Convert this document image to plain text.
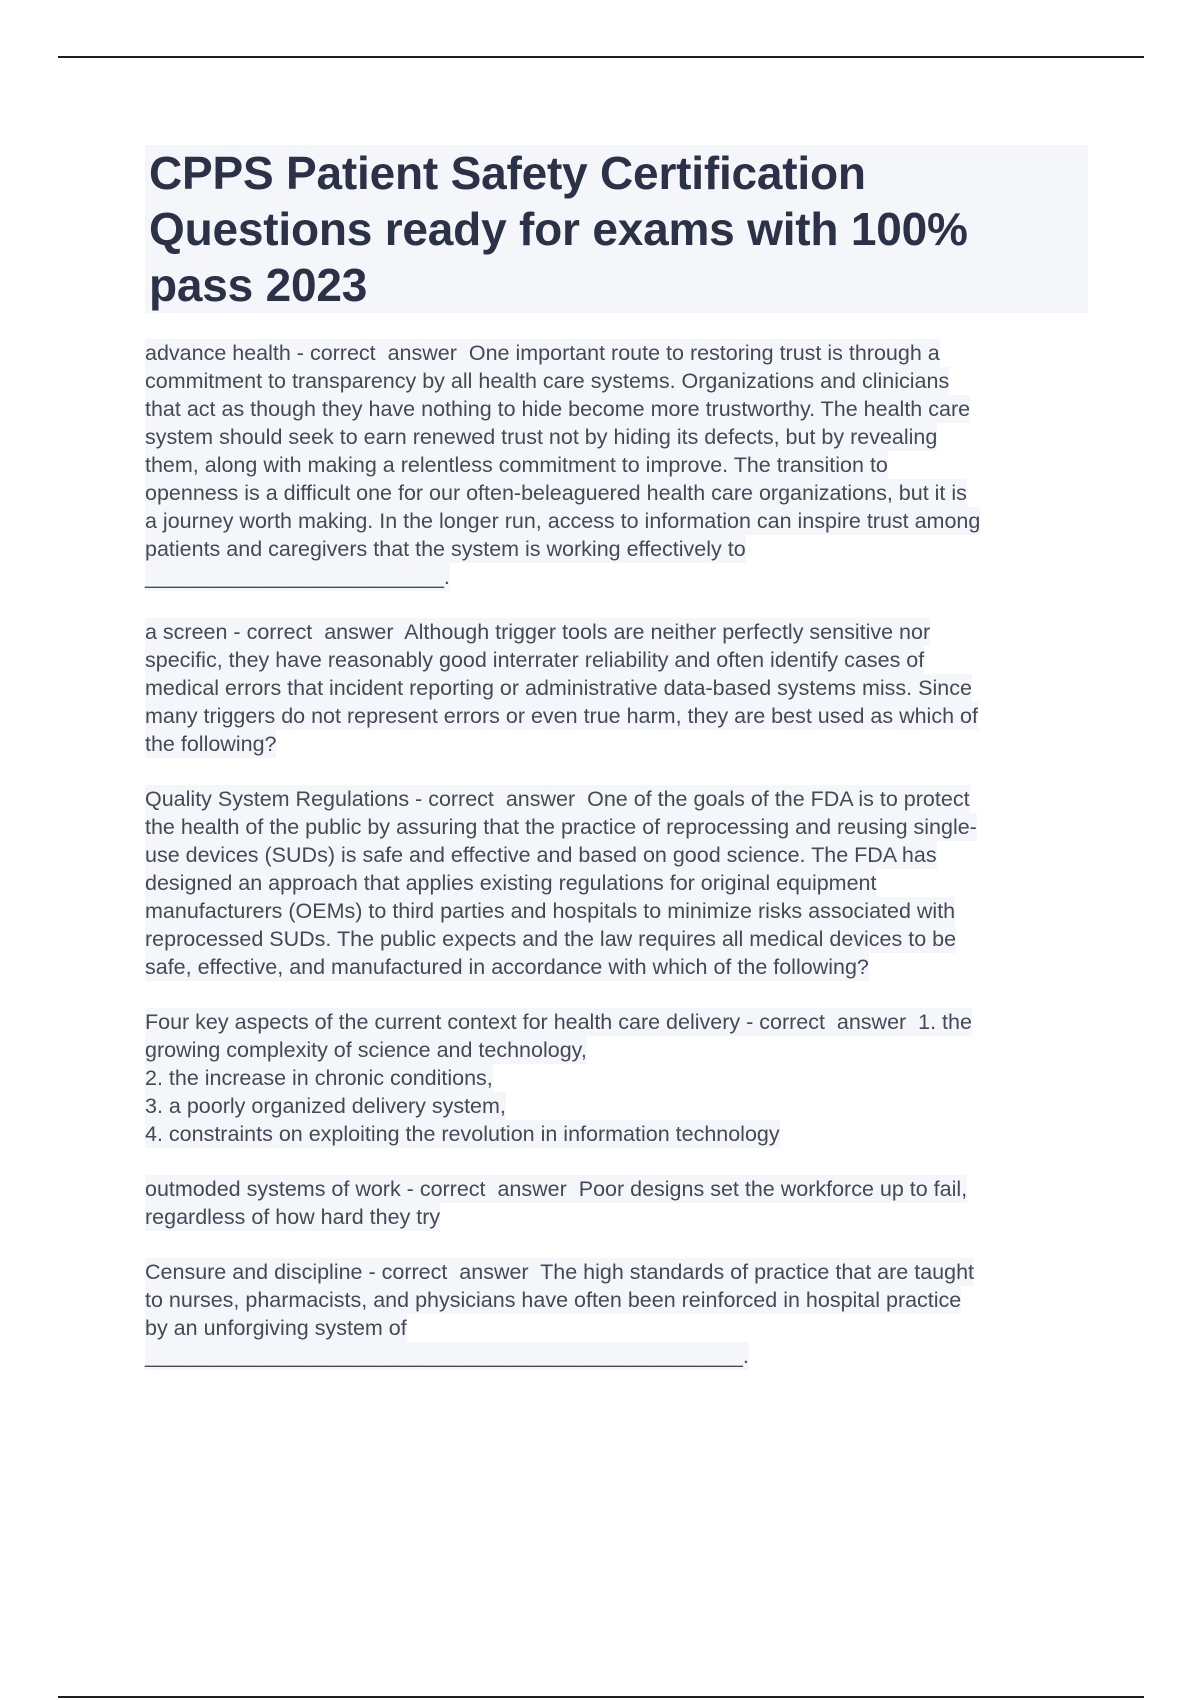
CPPS Patient Safety Certification
Questions ready for exams with 100%
pass 2023

advance health - correct  answer  One important route to restoring trust is through a
commitment to transparency by all health care systems. Organizations and clinicians
that act as though they have nothing to hide become more trustworthy. The health care
system should seek to earn renewed trust not by hiding its defects, but by revealing
them, along with making a relentless commitment to improve. The transition to
openness is a difficult one for our often-beleaguered health care organizations, but it is
a journey worth making. In the longer run, access to information can inspire trust among
patients and caregivers that the system is working effectively to
_________________________.

a screen - correct  answer  Although trigger tools are neither perfectly sensitive nor
specific, they have reasonably good interrater reliability and often identify cases of
medical errors that incident reporting or administrative data-based systems miss. Since
many triggers do not represent errors or even true harm, they are best used as which of
the following?

Quality System Regulations - correct  answer  One of the goals of the FDA is to protect
the health of the public by assuring that the practice of reprocessing and reusing single-
use devices (SUDs) is safe and effective and based on good science. The FDA has
designed an approach that applies existing regulations for original equipment
manufacturers (OEMs) to third parties and hospitals to minimize risks associated with
reprocessed SUDs. The public expects and the law requires all medical devices to be
safe, effective, and manufactured in accordance with which of the following?

Four key aspects of the current context for health care delivery - correct  answer  1. the
growing complexity of science and technology,
2. the increase in chronic conditions,
3. a poorly organized delivery system,
4. constraints on exploiting the revolution in information technology

outmoded systems of work - correct  answer  Poor designs set the workforce up to fail,
regardless of how hard they try

Censure and discipline - correct  answer  The high standards of practice that are taught
to nurses, pharmacists, and physicians have often been reinforced in hospital practice
by an unforgiving system of
__________________________________________________.
